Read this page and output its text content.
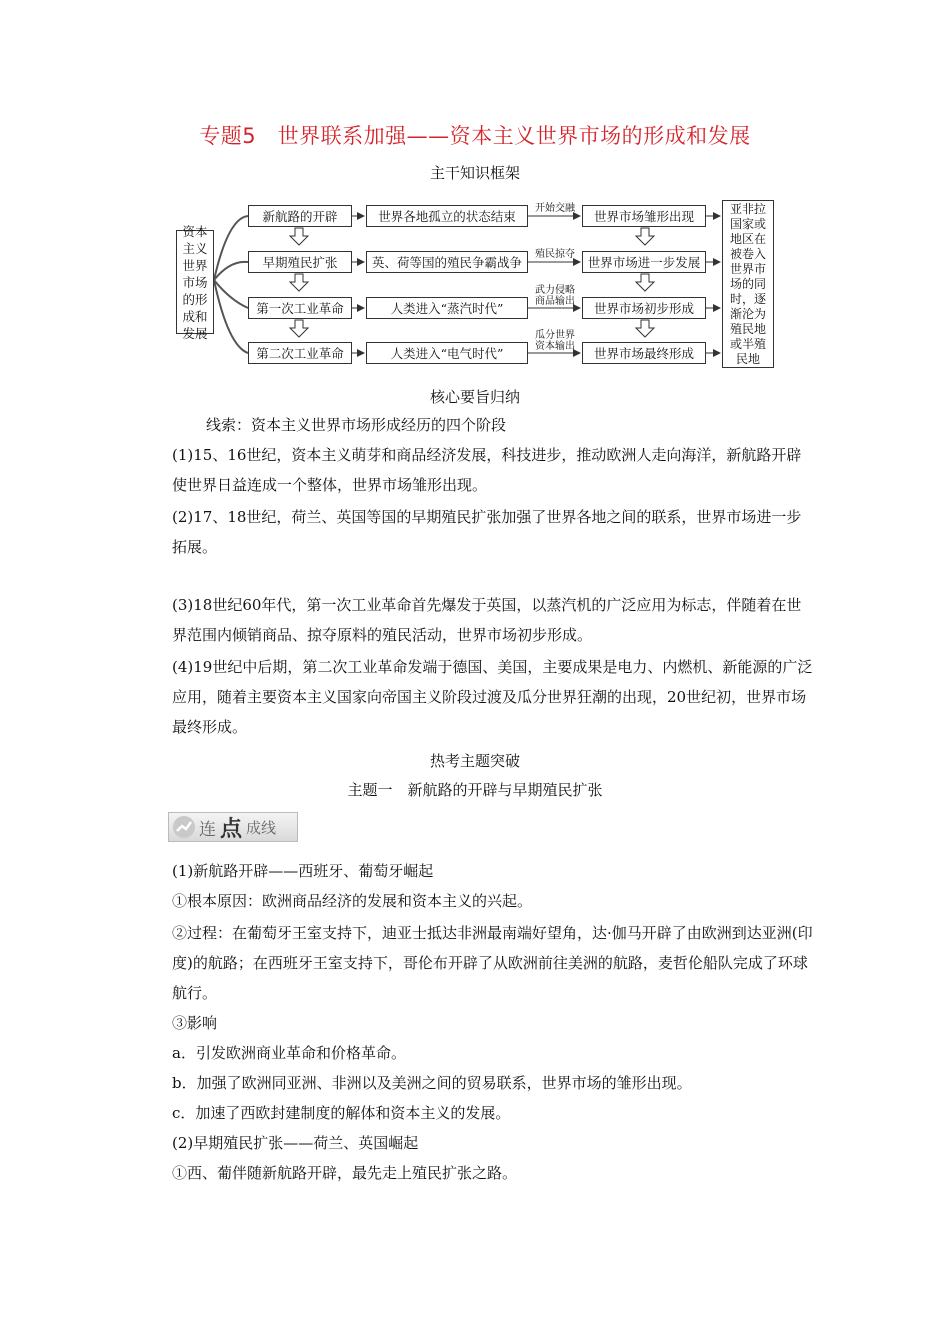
专题5　世界联系加强——资本主义世界市场的形成和发展
主干知识框架
资本
主义
世界
市场
的形
成和
发展
新航路的开辟
早期殖民扩张
第一次工业革命
第二次工业革命
世界各地孤立的状态结束
英、荷等国的殖民争霸战争
人类进入“蒸汽时代”
人类进入“电气时代”
开始交融
殖民掠夺
武力侵略
商品输出
瓜分世界
资本输出
世界市场雏形出现
世界市场进一步发展
世界市场初步形成
世界市场最终形成
亚非拉
国家或
地区在
被卷入
世界市
场的同
时，逐
渐沦为
殖民地
或半殖
民地
核心要旨归纳
线索：资本主义世界市场形成经历的四个阶段
(1)15、16世纪，资本主义萌芽和商品经济发展，科技进步，推动欧洲人走向海洋，新航路开辟使世界日益连成一个整体，世界市场雏形出现。
(2)17、18世纪，荷兰、英国等国的早期殖民扩张加强了世界各地之间的联系，世界市场进一步拓展。
(3)18世纪60年代，第一次工业革命首先爆发于英国，以蒸汽机的广泛应用为标志，伴随着在世界范围内倾销商品、掠夺原料的殖民活动，世界市场初步形成。
(4)19世纪中后期，第二次工业革命发端于德国、美国，主要成果是电力、内燃机、新能源的广泛应用，随着主要资本主义国家向帝国主义阶段过渡及瓜分世界狂潮的出现，20世纪初，世界市场最终形成。
热考主题突破
主题一　新航路的开辟与早期殖民扩张
连 点 成线
(1)新航路开辟——西班牙、葡萄牙崛起
①根本原因：欧洲商品经济的发展和资本主义的兴起。
②过程：在葡萄牙王室支持下，迪亚士抵达非洲最南端好望角，达·伽马开辟了由欧洲到达亚洲(印度)的航路；在西班牙王室支持下，哥伦布开辟了从欧洲前往美洲的航路，麦哲伦船队完成了环球航行。
③影响
a．引发欧洲商业革命和价格革命。
b．加强了欧洲同亚洲、非洲以及美洲之间的贸易联系，世界市场的雏形出现。
c．加速了西欧封建制度的解体和资本主义的发展。
(2)早期殖民扩张——荷兰、英国崛起
①西、葡伴随新航路开辟，最先走上殖民扩张之路。
